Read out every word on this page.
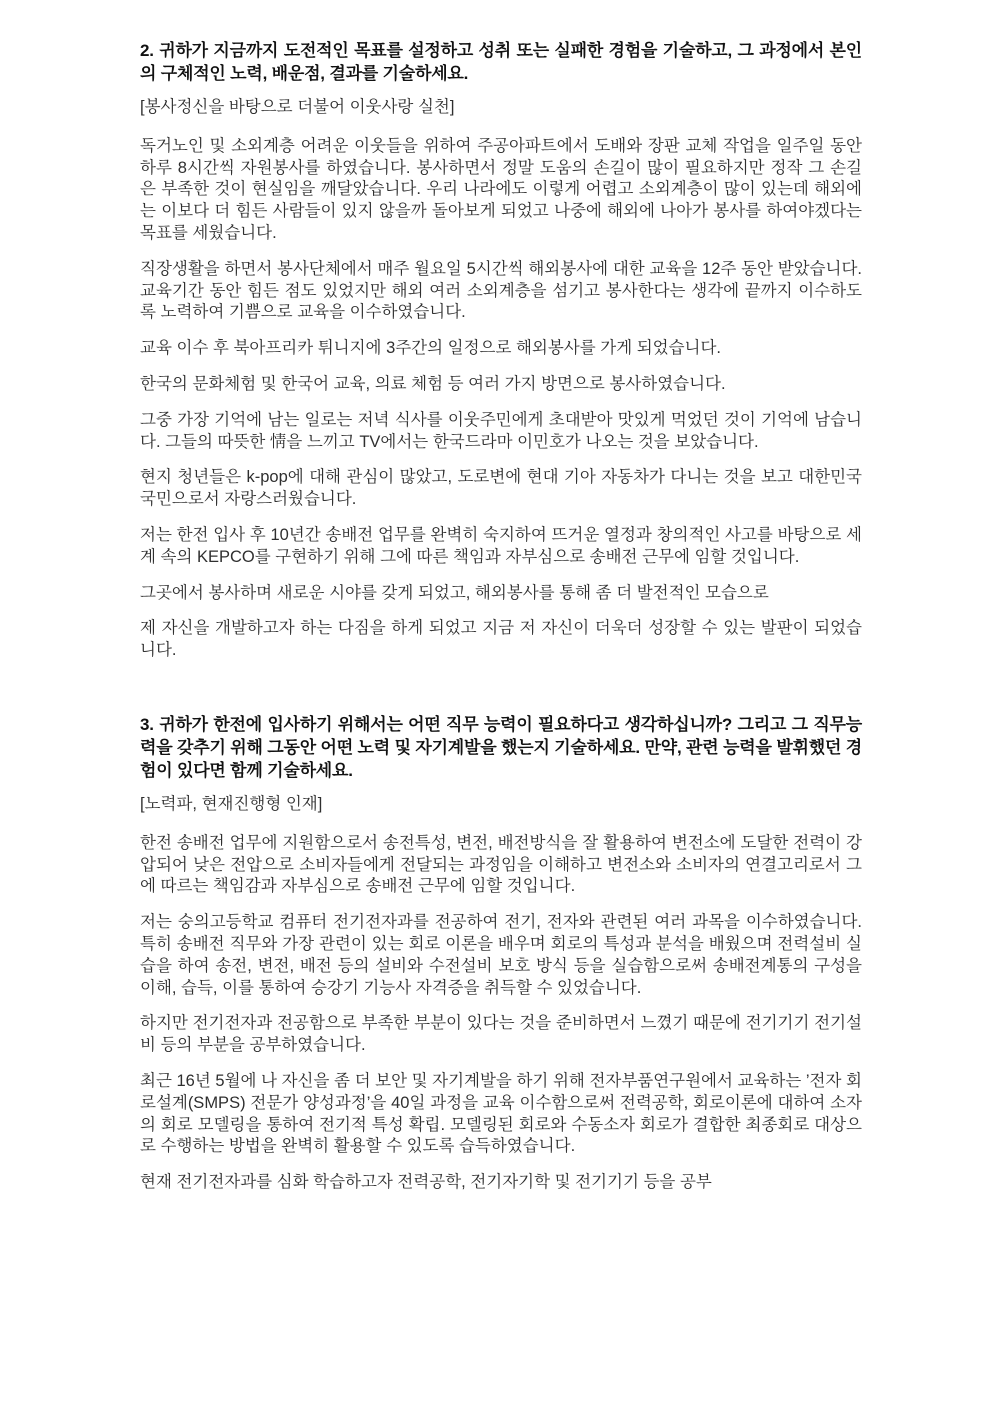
2. 귀하가 지금까지 도전적인 목표를 설정하고 성취 또는 실패한 경험을 기술하고, 그 과정에서 본인의 구체적인 노력, 배운점, 결과를 기술하세요.

[봉사정신을 바탕으로 더불어 이웃사랑 실천]

독거노인 및 소외계층 어려운 이웃들을 위하여 주공아파트에서 도배와 장판 교체 작업을 일주일 동안 하루 8시간씩 자원봉사를 하였습니다. 봉사하면서 정말 도움의 손길이 많이 필요하지만 정작 그 손길은 부족한 것이 현실임을 깨달았습니다. 우리 나라에도 이렇게 어렵고 소외계층이 많이 있는데 해외에는 이보다 더 힘든 사람들이 있지 않을까 돌아보게 되었고 나중에 해외에 나아가 봉사를 하여야겠다는 목표를 세웠습니다.

직장생활을 하면서 봉사단체에서 매주 월요일 5시간씩 해외봉사에 대한 교육을 12주 동안 받았습니다. 교육기간 동안 힘든 점도 있었지만 해외 여러 소외계층을 섬기고 봉사한다는 생각에 끝까지 이수하도록 노력하여 기쁨으로 교육을 이수하였습니다.

교육 이수 후 북아프리카 튀니지에 3주간의 일정으로 해외봉사를 가게 되었습니다.

한국의 문화체험 및 한국어 교육, 의료 체험 등 여러 가지 방면으로 봉사하였습니다.

그중 가장 기억에 남는 일로는 저녁 식사를 이웃주민에게 초대받아 맛있게 먹었던 것이 기억에 남습니다. 그들의 따뜻한 情을 느끼고 TV에서는 한국드라마 이민호가 나오는 것을 보았습니다.

현지 청년들은 k-pop에 대해 관심이 많았고, 도로변에 현대 기아 자동차가 다니는 것을 보고 대한민국 국민으로서 자랑스러웠습니다.

저는 한전 입사 후 10년간 송배전 업무를 완벽히 숙지하여 뜨거운 열정과 창의적인 사고를 바탕으로 세계 속의 KEPCO를 구현하기 위해 그에 따른 책임과 자부심으로 송배전 근무에 임할 것입니다.

그곳에서 봉사하며 새로운 시야를 갖게 되었고, 해외봉사를 통해 좀 더 발전적인 모습으로

제 자신을 개발하고자 하는 다짐을 하게 되었고 지금 저 자신이 더욱더 성장할 수 있는 발판이 되었습니다.

3. 귀하가 한전에 입사하기 위해서는 어떤 직무 능력이 필요하다고 생각하십니까? 그리고 그 직무능력을 갖추기 위해 그동안 어떤 노력 및 자기계발을 했는지 기술하세요. 만약, 관련 능력을 발휘했던 경험이 있다면 함께 기술하세요.

[노력파, 현재진행형 인재]

한전 송배전 업무에 지원함으로서 송전특성, 변전, 배전방식을 잘 활용하여 변전소에 도달한 전력이 강압되어 낮은 전압으로 소비자들에게 전달되는 과정임을 이해하고 변전소와 소비자의 연결고리로서 그에 따르는 책임감과 자부심으로 송배전 근무에 임할 것입니다.

저는 숭의고등학교 컴퓨터 전기전자과를 전공하여 전기, 전자와 관련된 여러 과목을 이수하였습니다. 특히 송배전 직무와 가장 관련이 있는 회로 이론을 배우며 회로의 특성과 분석을 배웠으며 전력설비 실습을 하여 송전, 변전, 배전 등의 설비와 수전설비 보호 방식 등을 실습함으로써 송배전계통의 구성을 이해, 습득, 이를 통하여 승강기 기능사 자격증을 취득할 수 있었습니다.

하지만 전기전자과 전공함으로 부족한 부분이 있다는 것을 준비하면서 느꼈기 때문에 전기기기 전기설비 등의 부분을 공부하였습니다.

최근 16년 5월에 나 자신을 좀 더 보안 및 자기계발을 하기 위해 전자부품연구원에서 교육하는 ’전자 회로설계(SMPS) 전문가 양성과정’을 40일 과정을 교육 이수함으로써 전력공학, 회로이론에 대하여 소자의 회로 모델링을 통하여 전기적 특성 확립. 모델링된 회로와 수동소자 회로가 결합한 최종회로 대상으로 수행하는 방법을 완벽히 활용할 수 있도록 습득하였습니다.

현재 전기전자과를 심화 학습하고자 전력공학, 전기자기학 및 전기기기 등을 공부
